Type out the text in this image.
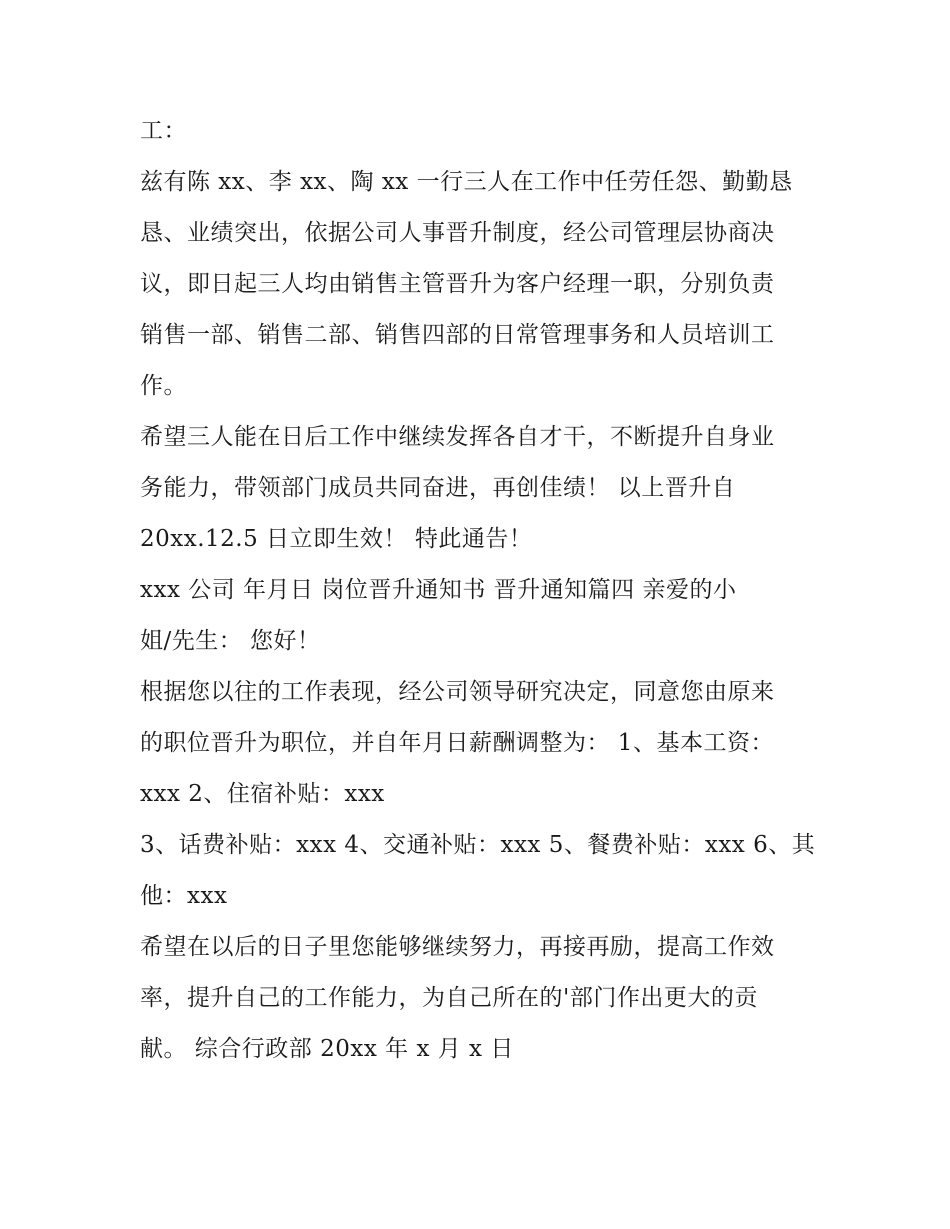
工：
兹有陈 xx、李 xx、陶 xx 一行三人在工作中任劳任怨、勤勤恳
恳、业绩突出，依据公司人事晋升制度，经公司管理层协商决
议，即日起三人均由销售主管晋升为客户经理一职，分别负责
销售一部、销售二部、销售四部的日常管理事务和人员培训工
作。
希望三人能在日后工作中继续发挥各自才干，不断提升自身业
务能力，带领部门成员共同奋进，再创佳绩！ 以上晋升自
20xx.12.5 日立即生效！ 特此通告！
xxx 公司 年月日 岗位晋升通知书 晋升通知篇四 亲爱的小
姐/先生： 您好！
根据您以往的工作表现，经公司领导研究决定，同意您由原来
的职位晋升为职位，并自年月日薪酬调整为： 1、基本工资：
xxx 2、住宿补贴：xxx
3、话费补贴：xxx 4、交通补贴：xxx 5、餐费补贴：xxx 6、其
他：xxx
希望在以后的日子里您能够继续努力，再接再励，提高工作效
率，提升自己的工作能力，为自己所在的'部门作出更大的贡
献。 综合行政部 20xx 年 x 月 x 日
